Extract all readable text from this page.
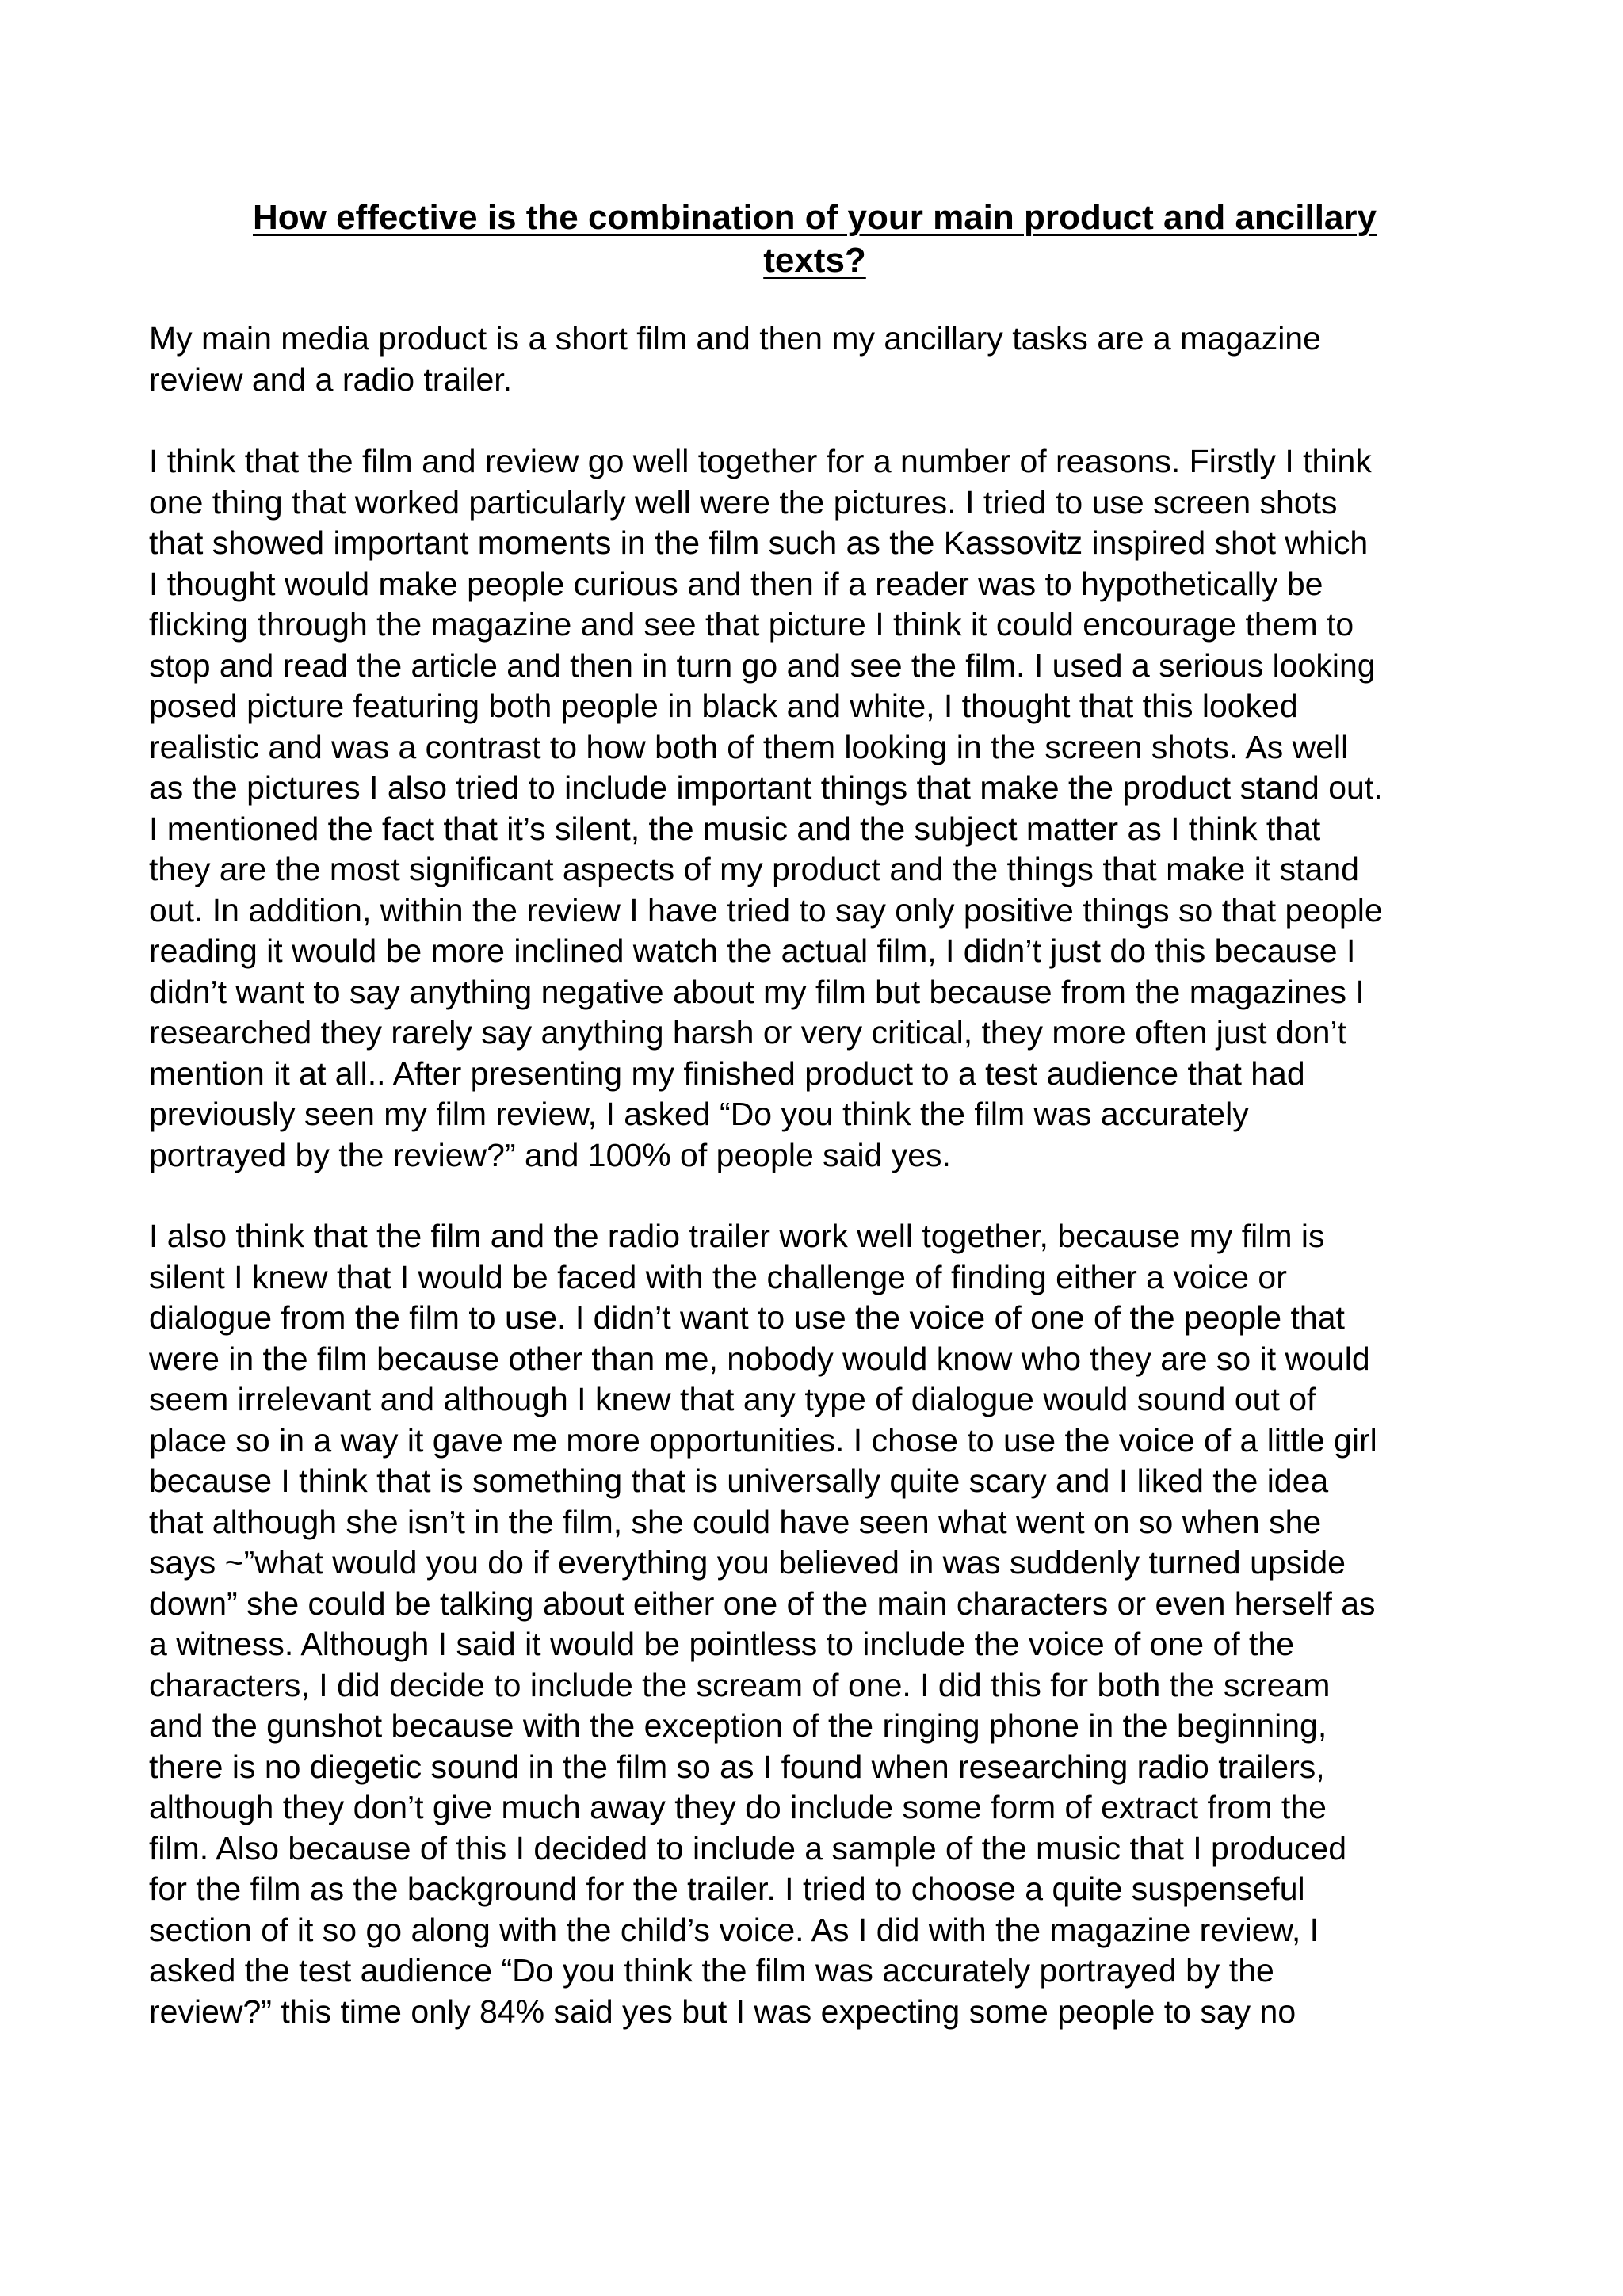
How effective is the combination of your main product and ancillary
texts?
My main media product is a short film and then my ancillary tasks are a magazine
review and a radio trailer.
I think that the film and review go well together for a number of reasons. Firstly I think
one thing that worked particularly well were the pictures. I tried to use screen shots
that showed important moments in the film such as the Kassovitz inspired shot which
I thought would make people curious and then if a reader was to hypothetically be
flicking through the magazine and see that picture I think it could encourage them to
stop and read the article and then in turn go and see the film. I used a serious looking
posed picture featuring both people in black and white, I thought that this looked
realistic and was a contrast to how both of them looking in the screen shots. As well
as the pictures I also tried to include important things that make the product stand out.
I mentioned the fact that it’s silent, the music and the subject matter as I think that
they are the most significant aspects of my product and the things that make it stand
out. In addition, within the review I have tried to say only positive things so that people
reading it would be more inclined watch the actual film, I didn’t just do this because I
didn’t want to say anything negative about my film but because from the magazines I
researched they rarely say anything harsh or very critical, they more often just don’t
mention it at all.. After presenting my finished product to a test audience that had
previously seen my film review, I asked “Do you think the film was accurately
portrayed by the review?” and 100% of people said yes.
I also think that the film and the radio trailer work well together, because my film is
silent I knew that I would be faced with the challenge of finding either a voice or
dialogue from the film to use. I didn’t want to use the voice of one of the people that
were in the film because other than me, nobody would know who they are so it would
seem irrelevant and although I knew that any type of dialogue would sound out of
place so in a way it gave me more opportunities. I chose to use the voice of a little girl
because I think that is something that is universally quite scary and I liked the idea
that although she isn’t in the film, she could have seen what went on so when she
says ~”what would you do if everything you believed in was suddenly turned upside
down” she could be talking about either one of the main characters or even herself as
a witness. Although I said it would be pointless to include the voice of one of the
characters, I did decide to include the scream of one. I did this for both the scream
and the gunshot because with the exception of the ringing phone in the beginning,
there is no diegetic sound in the film so as I found when researching radio trailers,
although they don’t give much away they do include some form of extract from the
film. Also because of this I decided to include a sample of the music that I produced
for the film as the background for the trailer. I tried to choose a quite suspenseful
section of it so go along with the child’s voice. As I did with the magazine review, I
asked the test audience “Do you think the film was accurately portrayed by the
review?” this time only 84% said yes but I was expecting some people to say no
